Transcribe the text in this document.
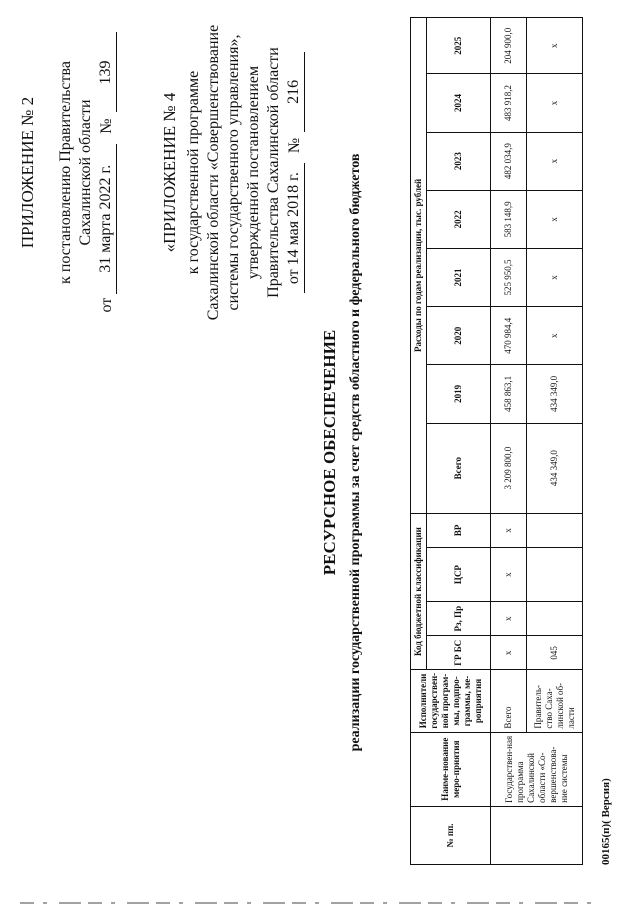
ПРИЛОЖЕНИЕ № 2 к постановлению Правительства Сахалинской области
от
31 марта 2022 г.
№
139
«ПРИЛОЖЕНИЕ № 4 к государственной программе Сахалинской области «Совершенствование системы государственного управления», утвержденной постановлением Правительства Сахалинской области от 14 мая 2018 г.
№
216
РЕСУРСНОЕ ОБЕСПЕЧЕНИЕ реализации государственной программы за счет средств областного и федерального бюджетов
№ пп.	Наиме-нование меро-приятия	Исполнители государствен-ной програм-мы, подпро-граммы, ме-роприятия	Код бюджетной классификации				Расходы по годам реализации, тыс. рублей							
			ГР БС	Рз, Пр	ЦСР	ВР	Всего	2019	2020	2021	2022	2023	2024	2025
	Государствен-ная программа Сахалинской области «Со-вершенствова-ние системы	Всего	х	х	х	х	3 209 800,0	458 863,1	470 984,4	525 950,5	583 148,9	482 034,9	483 918,2	204 900,0
		Правитель-ство Саха-линской об-ласти	045				434 349,0	434 349,0	х	х	х	х	х	х
00165(п)( Версия)
